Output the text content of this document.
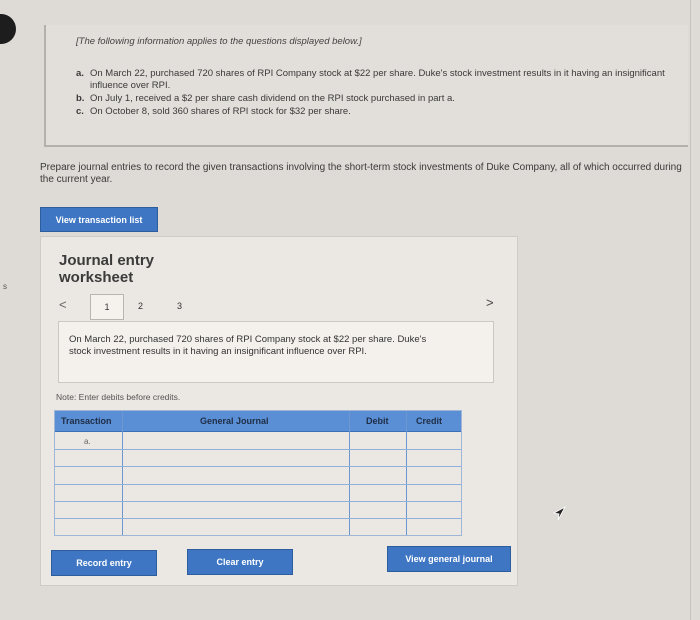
s
[The following information applies to the questions displayed below.]
a. On March 22, purchased 720 shares of RPI Company stock at $22 per share. Duke's stock investment results in it having an insignificant influence over RPI.
b. On July 1, received a $2 per share cash dividend on the RPI stock purchased in part a.
c. On October 8, sold 360 shares of RPI stock for $32 per share.
Prepare journal entries to record the given transactions involving the short-term stock investments of Duke Company, all of which occurred during the current year.
View transaction list
Journal entry
worksheet
<	1	2	3	>
On March 22, purchased 720 shares of RPI Company stock at $22 per share. Duke's stock investment results in it having an insignificant influence over RPI.
Note: Enter debits before credits.
Transaction	General Journal	Debit	Credit
a.
Record entry	Clear entry	View general journal
